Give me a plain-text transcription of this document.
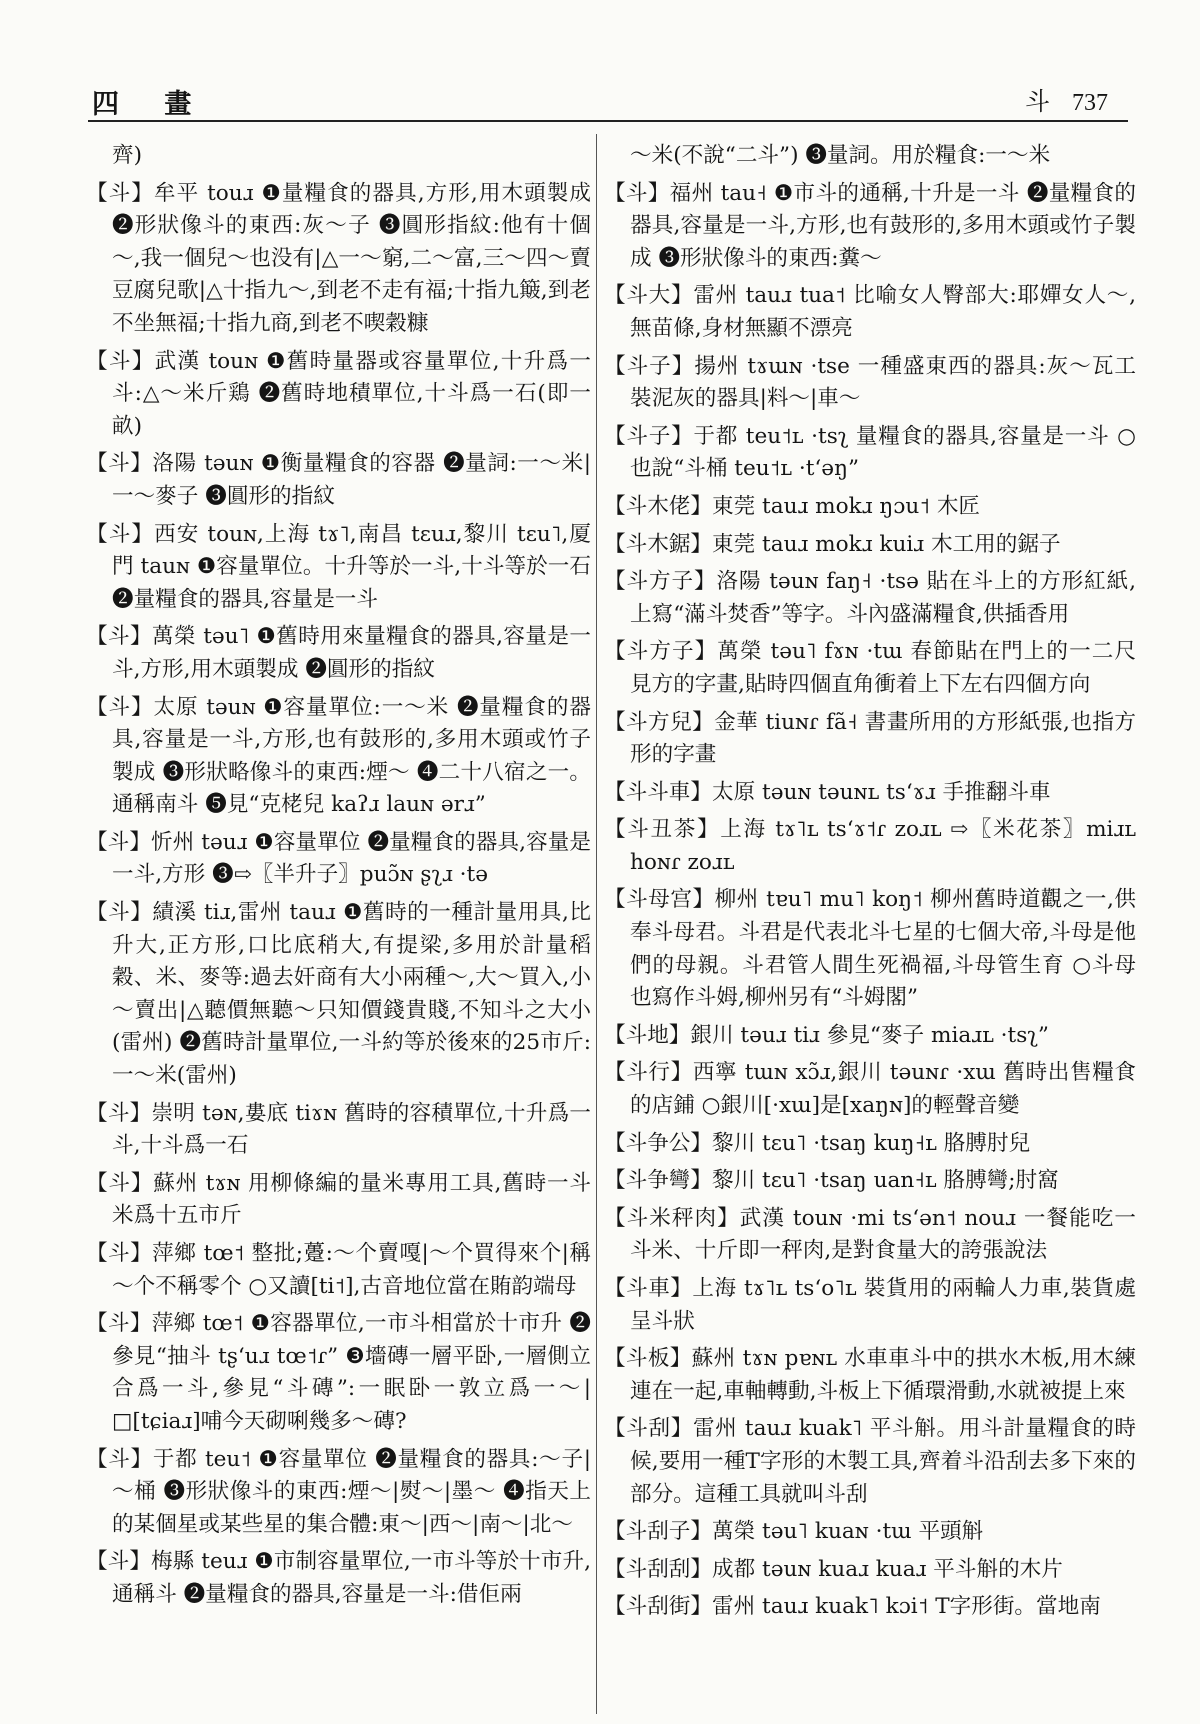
四 畫	斗 737

齊)

【斗】牟平 touɹ ❶量糧食的器具,方形,用木頭製成 ❷形狀像斗的東西:灰～子 ❸圓形指紋:他有十個～,我一個兒～也没有|△一～窮,二～富,三～四～賣豆腐兒歌|△十指九～,到老不走有福;十指九簸,到老不坐無福;十指九商,到老不喫穀糠

【斗】武漢 touɴ ❶舊時量器或容量單位,十升爲一斗:△～米斤鶏 ❷舊時地積單位,十斗爲一石(即一畝)

【斗】洛陽 təuɴ ❶衡量糧食的容器 ❷量詞:一～米|一～麥子 ❸圓形的指紋

【斗】西安 touɴ,上海 tɤ˥,南昌 tɛuɹ,黎川 tɛu˥,厦門 tauɴ ❶容量單位。十升等於一斗,十斗等於一石 ❷量糧食的器具,容量是一斗

【斗】萬榮 təu˥ ❶舊時用來量糧食的器具,容量是一斗,方形,用木頭製成 ❷圓形的指紋

【斗】太原 təuɴ ❶容量單位:一～米 ❷量糧食的器具,容量是一斗,方形,也有鼓形的,多用木頭或竹子製成 ❸形狀略像斗的東西:煙～ ❹二十八宿之一。通稱南斗 ❺見“克栳兒 kaʔɹ lauɴ ərɹ”

【斗】忻州 təuɹ ❶容量單位 ❷量糧食的器具,容量是一斗,方形 ❸⇨〖半升子〗puɔ̃ɴ ʂʅɹ ·tə

【斗】績溪 tiɹ,雷州 tauɹ ❶舊時的一種計量用具,比升大,正方形,口比底稍大,有提梁,多用於計量稻穀、米、麥等:過去奸商有大小兩種～,大～買入,小～賣出|△聽價無聽～只知價錢貴賤,不知斗之大小(雷州) ❷舊時計量單位,一斗約等於後來的25市斤:一～米(雷州)

【斗】崇明 təɴ,婁底 tiɤɴ 舊時的容積單位,十升爲一斗,十斗爲一石

【斗】蘇州 tɤɴ 用柳條編的量米專用工具,舊時一斗米爲十五市斤

【斗】萍鄉 tœ˦ 整批;躉:～个賣嘎|～个買得來个|稱～个不稱零个 ○又讀[ti˦],古音地位當在賄韵端母

【斗】萍鄉 tœ˦ ❶容器單位,一市斗相當於十市升 ❷參見“抽斗 tʂʻuɹ tœ˦ɾ” ❸墻磚一層平卧,一層側立合爲一斗,參見“斗磚”:一眠卧一敦立爲一～|□[tɕiaɹ]哺今天砌唎幾多～磚?

【斗】于都 teu˦ ❶容量單位 ❷量糧食的器具:～子|～桶 ❸形狀像斗的東西:煙～|熨～|墨～ ❹指天上的某個星或某些星的集合體:東～|西～|南～|北～

【斗】梅縣 teuɹ ❶市制容量單位,一市斗等於十市升,通稱斗 ❷量糧食的器具,容量是一斗:借佢兩

～米(不說“二斗”) ❸量詞。用於糧食:一～米

【斗】福州 tau˧ ❶市斗的通稱,十升是一斗 ❷量糧食的器具,容量是一斗,方形,也有鼓形的,多用木頭或竹子製成 ❸形狀像斗的東西:糞～

【斗大】雷州 tauɹ tua˦ 比喻女人臀部大:耶嬋女人～,無苗條,身材無顯不漂亮

【斗子】揚州 tɤɯɴ ·tse 一種盛東西的器具:灰～瓦工裝泥灰的器具|料～|車～

【斗子】于都 teu˦ʟ ·tsʅ 量糧食的器具,容量是一斗 ○也說“斗桶 teu˦ʟ ·tʻəŋ”

【斗木佬】東莞 tauɹ mokɹ ŋɔu˦ 木匠

【斗木鋸】東莞 tauɹ mokɹ kuiɹ 木工用的鋸子

【斗方子】洛陽 təuɴ faŋ˧ ·tsə 貼在斗上的方形紅紙,上寫“滿斗焚香”等字。斗內盛滿糧食,供插香用

【斗方子】萬榮 təu˥ fɤɴ ·tɯ 春節貼在門上的一二尺見方的字畫,貼時四個直角衝着上下左右四個方向

【斗方兒】金華 tiuɴɾ fã˧ 書畫所用的方形紙張,也指方形的字畫

【斗斗車】太原 təuɴ təuɴʟ tsʻɤɹ 手推翻斗車

【斗丑茶】上海 tɤ˥ʟ tsʻɤ˦ɾ zoɹʟ ⇨〖米花茶〗miɹʟ hoɴɾ zoɹʟ

【斗母宫】柳州 tɐu˥ mu˥ koŋ˦ 柳州舊時道觀之一,供奉斗母君。斗君是代表北斗七星的七個大帝,斗母是他們的母親。斗君管人間生死禍福,斗母管生育 ○斗母也寫作斗姆,柳州另有“斗姆閣”

【斗地】銀川 təuɹ tiɹ 參見“麥子 miaɹʟ ·tsʅ”

【斗行】西寧 tɯɴ xɔ̃ɹ,銀川 təuɴɾ ·xɯ 舊時出售糧食的店鋪 ○銀川[·xɯ]是[xaŋɴ]的輕聲音變

【斗争公】黎川 tɛu˥ ·tsaŋ kuŋ˧ʟ 胳膊肘兒

【斗争彎】黎川 tɛu˥ ·tsaŋ uan˧ʟ 胳膊彎;肘窩

【斗米秤肉】武漢 touɴ ·mi tsʻən˦ nouɹ 一餐能吃一斗米、十斤即一秤肉,是對食量大的誇張說法

【斗車】上海 tɤ˥ʟ tsʻo˥ʟ 裝貨用的兩輪人力車,裝貨處呈斗狀

【斗板】蘇州 tɤɴ pɐɴʟ 水車車斗中的拱水木板,用木練連在一起,車軸轉動,斗板上下循環滑動,水就被提上來

【斗刮】雷州 tauɹ kuak˥ 平斗斛。用斗計量糧食的時候,要用一種T字形的木製工具,齊着斗沿刮去多下來的部分。這種工具就叫斗刮

【斗刮子】萬榮 təu˥ kuaɴ ·tɯ 平頭斛

【斗刮刮】成都 təuɴ kuaɹ kuaɹ 平斗斛的木片

【斗刮街】雷州 tauɹ kuak˥ kɔi˦ T字形街。當地南
